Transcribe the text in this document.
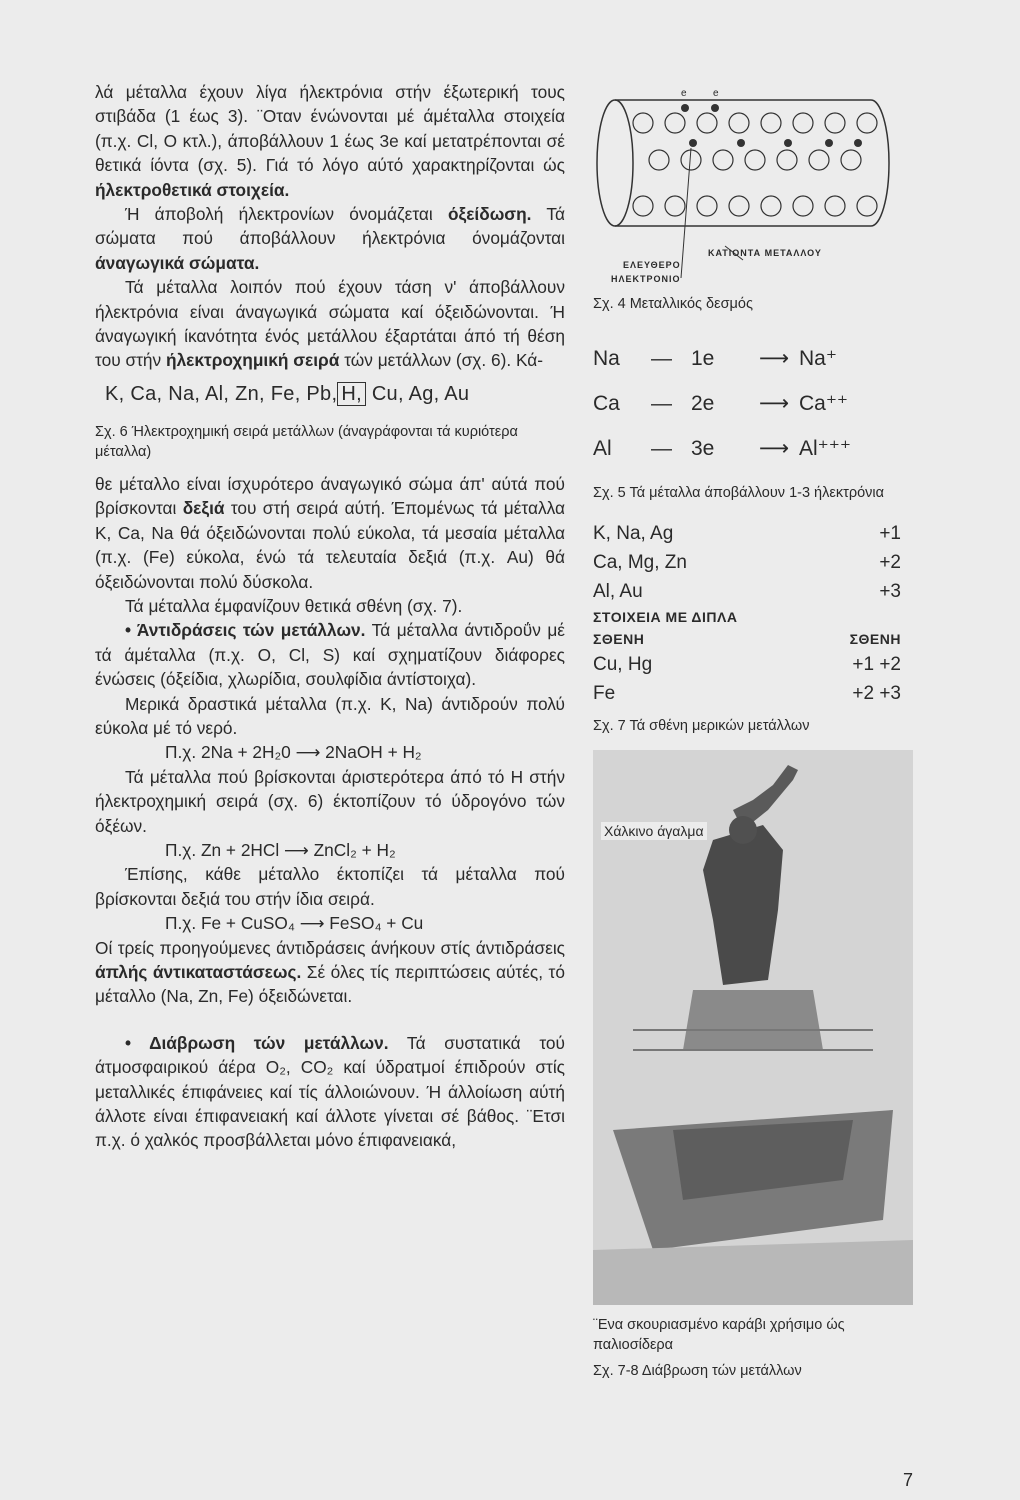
λά μέταλλα έχουν λίγα ήλεκτρόνια στήν έξωτερική τους στιβάδα (1 έως 3). ¨Οταν ένώνονται μέ άμέταλλα στοιχεία (π.χ. Cl, O κτλ.), άποβάλλουν 1 έως 3e καί μετατρέπονται σέ θετικά ίόντα (σχ. 5). Γιά τό λόγο αύτό χαρακτηρίζονται ώς ήλεκτροθετικά στοιχεία.

Ή άποβολή ήλεκτρονίων όνομάζεται όξείδωση. Τά σώματα πού άποβάλλουν ήλεκτρόνια όνομάζονται άναγωγικά σώματα.

Τά μέταλλα λοιπόν πού έχουν τάση ν' άποβάλλουν ήλεκτρόνια είναι άναγωγικά σώματα καί όξειδώνονται. Ή άναγωγική ίκανότητα ένός μετάλλου έξαρτάται άπό τή θέση του στήν ήλεκτροχημική σειρά τών μετάλλων (σχ. 6). Κά-

K, Ca, Na, Al, Zn, Fe, Pb, H, Cu, Ag, Au

Σχ. 6 Ήλεκτροχημική σειρά μετάλλων (άναγράφονται τά κυριότερα μέταλλα)

θε μέταλλο είναι ίσχυρότερο άναγωγικό σώμα άπ' αύτά πού βρίσκονται δεξιά του στή σειρά αύτή. Έπομένως τά μέταλλα K, Ca, Na θά όξειδώνονται πολύ εύκολα, τά μεσαία μέταλλα (π.χ. (Fe) εύκολα, ένώ τά τελευταία δεξιά (π.χ. Au) θά όξειδώνονται πολύ δύσκολα.

Τά μέταλλα έμφανίζουν θετικά σθένη (σχ. 7).

• Άντιδράσεις τών μετάλλων. Τά μέταλλα άντιδροΰν μέ τά άμέταλλα (π.χ. O, Cl, S) καί σχηματίζουν διάφορες ένώσεις (όξείδια, χλωρίδια, σουλφίδια άντίστοιχα).

Μερικά δραστικά μέταλλα (π.χ. K, Na) άντιδρούν πολύ εύκολα μέ τό νερό.

Π.χ. 2Na + 2H₂0 ⟶ 2NaOH + H₂

Τά μέταλλα πού βρίσκονται άριστερότερα άπό τό H στήν ήλεκτροχημική σειρά (σχ. 6) έκτοπίζουν τό ύδρογόνο τών όξέων.

Π.χ. Zn + 2HCl ⟶ ZnCl₂ + H₂

Έπίσης, κάθε μέταλλο έκτοπίζει τά μέταλλα πού βρίσκονται δεξιά του στήν ίδια σειρά.

Π.χ. Fe + CuSO₄ ⟶ FeSO₄ + Cu

Οί τρείς προηγούμενες άντιδράσεις άνήκουν στίς άντιδράσεις άπλής άντικαταστάσεως. Σέ όλες τίς περιπτώσεις αύτές, τό μέταλλο (Na, Zn, Fe) όξειδώνεται.

• Διάβρωση τών μετάλλων. Τά συστατικά τού άτμοσφαιρικού άέρα O₂, CO₂ καί ύδρατμοί έπιδρούν στίς μεταλλικές έπιφάνειες καί τίς άλλοιώνουν. Ή άλλοίωση αύτή άλλοτε είναι έπιφανειακή καί άλλοτε γίνεται σέ βάθος. ¨Ετσι π.χ. ό χαλκός προσβάλλεται μόνο έπιφανειακά,

e	e
ΚΑΤΙΟΝΤΑ ΜΕΤΑΛΛΟΥ
ΕΛΕΥΘΕΡΟ
ΗΛΕΚΤΡΟΝΙΟ

Σχ. 4 Μεταλλικός δεσμός

Na	— 1e	⟶ Na⁺
Ca	— 2e	⟶ Ca⁺⁺
Al	— 3e	⟶ Al⁺⁺⁺

Σχ. 5 Τά μέταλλα άποβάλλουν 1-3 ήλεκτρόνια

K, Na, Ag	+1
Ca, Mg, Zn	+2
Al, Au	+3
ΣΤΟΙΧΕΙΑ ΜΕ ΔΙΠΛΑ
ΣΘΕΝΗ	ΣΘΕΝΗ
Cu, Hg	+1 +2
Fe	+2 +3

Σχ. 7 Τά σθένη μερικών μετάλλων

Χάλκινο άγαλμα

¨Ενα σκουριασμένο καράβι χρήσιμο ώς παλιοσίδερα

Σχ. 7-8 Διάβρωση τών μετάλλων

7
